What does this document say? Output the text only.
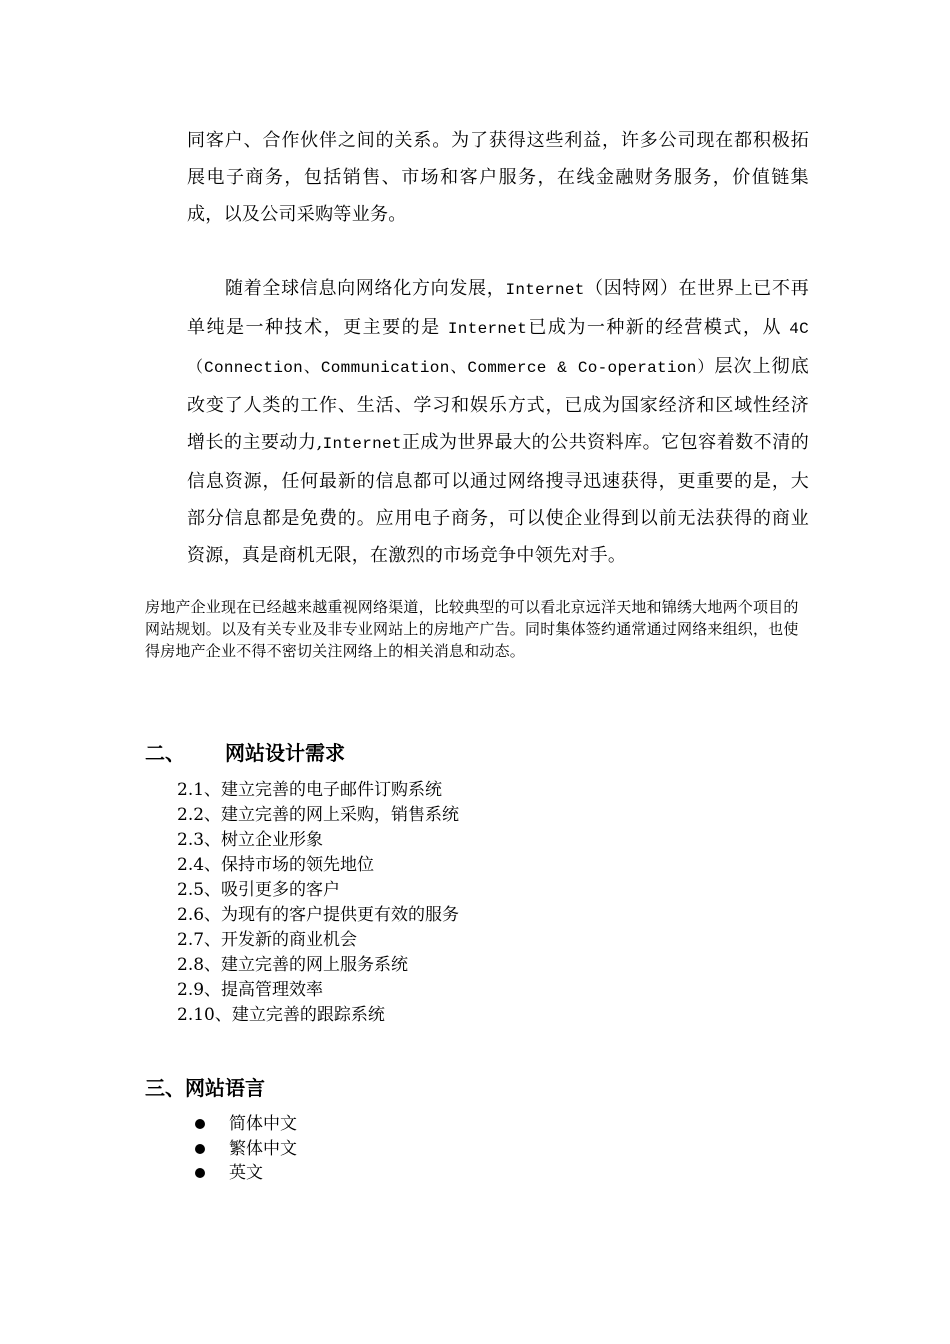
同客户、合作伙伴之间的关系。为了获得这些利益，许多公司现在都积极拓展电子商务，包括销售、市场和客户服务，在线金融财务服务，价值链集成，以及公司采购等业务。

随着全球信息向网络化方向发展，Internet（因特网）在世界上已不再单纯是一种技术，更主要的是 Internet已成为一种新的经营模式，从 4C （Connection、Communication、Commerce & Co-operation）层次上彻底改变了人类的工作、生活、学习和娱乐方式，已成为国家经济和区域性经济增长的主要动力,Internet正成为世界最大的公共资料库。它包容着数不清的信息资源，任何最新的信息都可以通过网络搜寻迅速获得，更重要的是，大部分信息都是免费的。应用电子商务，可以使企业得到以前无法获得的商业资源，真是商机无限，在激烈的市场竞争中领先对手。

房地产企业现在已经越来越重视网络渠道，比较典型的可以看北京远洋天地和锦绣大地两个项目的网站规划。以及有关专业及非专业网站上的房地产广告。同时集体签约通常通过网络来组织，也使得房地产企业不得不密切关注网络上的相关消息和动态。

二、 网站设计需求
2.1、建立完善的电子邮件订购系统
2.2、建立完善的网上采购，销售系统
2.3、树立企业形象
2.4、保持市场的领先地位
2.5、吸引更多的客户
2.6、为现有的客户提供更有效的服务
2.7、开发新的商业机会
2.8、建立完善的网上服务系统
2.9、提高管理效率
2.10、建立完善的跟踪系统
三、网站语言
简体中文
繁体中文
英文
